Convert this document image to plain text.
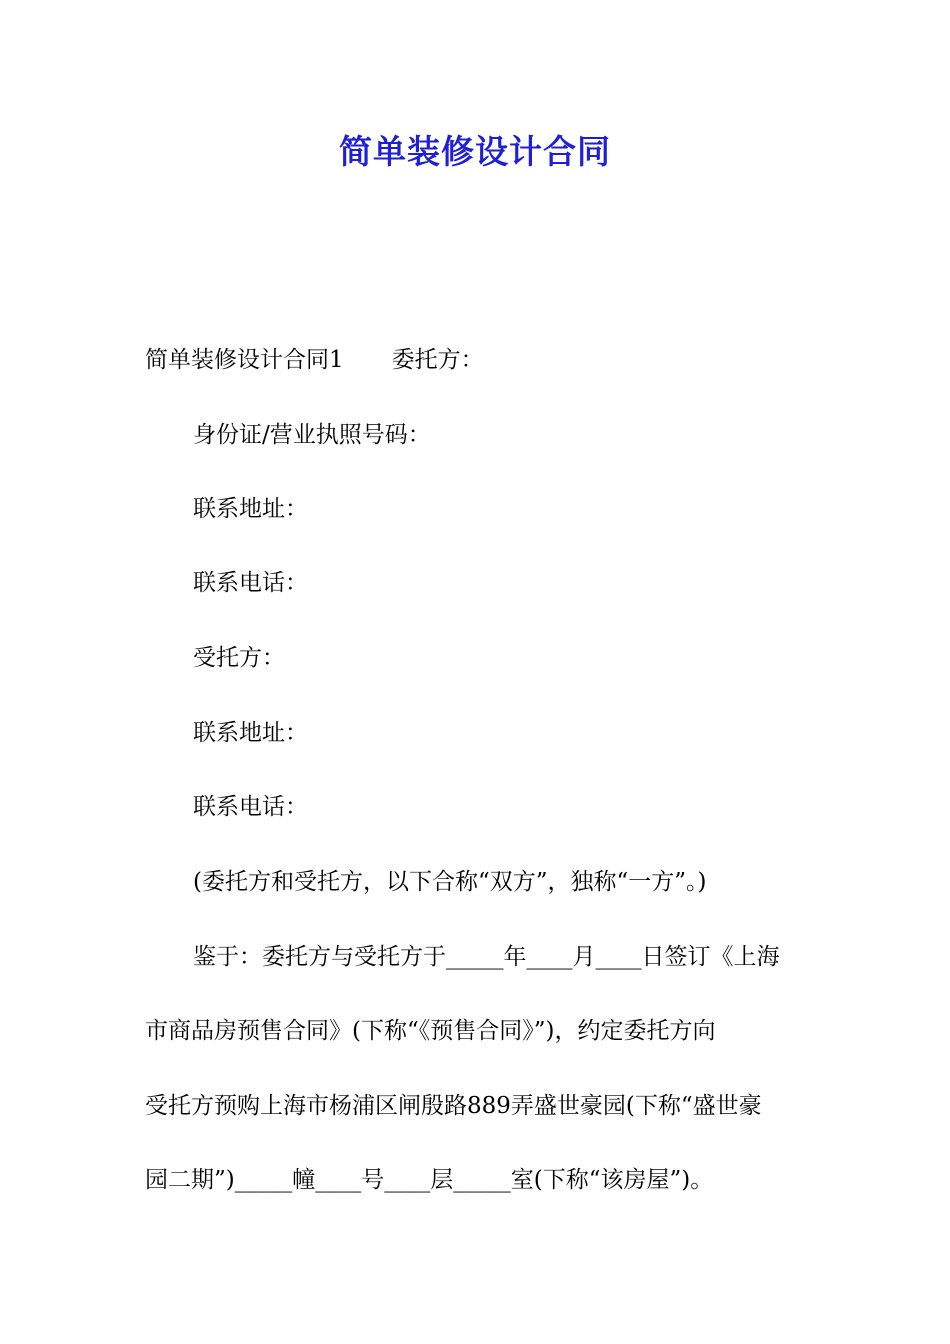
简单装修设计合同
简单装修设计合同1 委托方：
身份证/营业执照号码：
联系地址：
联系电话：
受托方：
联系地址：
联系电话：
(委托方和受托方，以下合称“双方”，独称“一方”。)
鉴于：委托方与受托方于_____年____月____日签订《上海
市商品房预售合同》(下称“《预售合同》”)，约定委托方向
受托方预购上海市杨浦区闸殷路889弄盛世豪园(下称“盛世豪
园二期”)_____幢____号____层_____室(下称“该房屋”)。
